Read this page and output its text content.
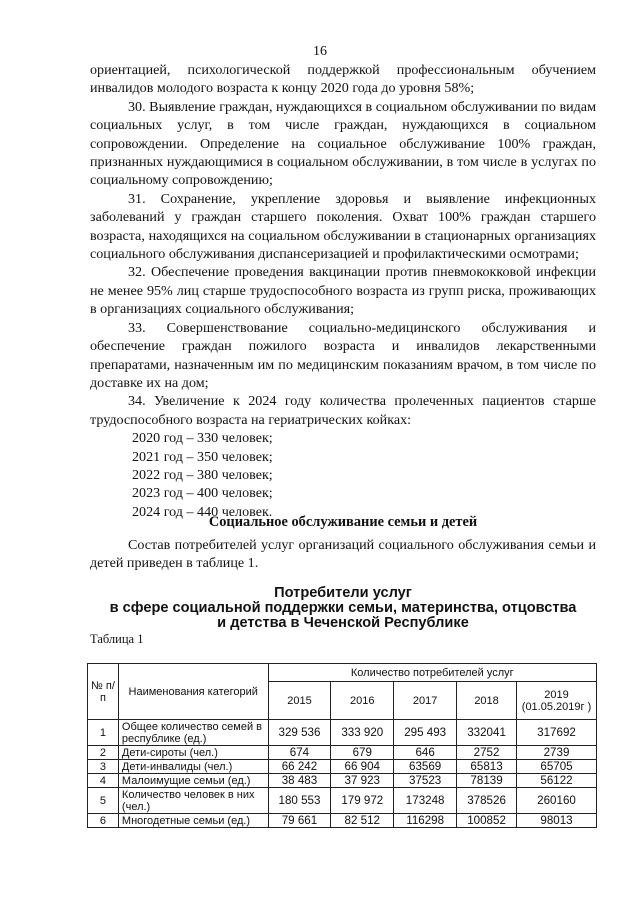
16

ориентацией, психологической поддержкой профессиональным обучением инвалидов молодого возраста к концу 2020 года до уровня 58%;

30. Выявление граждан, нуждающихся в социальном обслуживании по видам социальных услуг, в том числе граждан, нуждающихся в социальном сопровождении. Определение на социальное обслуживание 100% граждан, признанных нуждающимися в социальном обслуживании, в том числе в услугах по социальному сопровождению;

31. Сохранение, укрепление здоровья и выявление инфекционных заболеваний у граждан старшего поколения. Охват 100% граждан старшего возраста, находящихся на социальном обслуживании в стационарных организациях социального обслуживания диспансеризацией и профилактическими осмотрами;

32. Обеспечение проведения вакцинации против пневмококковой инфекции не менее 95% лиц старше трудоспособного возраста из групп риска, проживающих в организациях социального обслуживания;

33. Совершенствование социально-медицинского обслуживания и обеспечение граждан пожилого возраста и инвалидов лекарственными препаратами, назначенным им по медицинским показаниям врачом, в том числе по доставке их на дом;

34. Увеличение к 2024 году количества пролеченных пациентов старше трудоспособного возраста на гериатрических койках:

2020 год – 330 человек;
2021 год – 350 человек;
2022 год – 380 человек;
2023 год – 400 человек;
2024 год – 440 человек.
Социальное обслуживание семьи и детей

Состав потребителей услуг организаций социального обслуживания семьи и детей приведен в таблице 1.

Потребители услуг
в сфере социальной поддержки семьи, материнства, отцовства
и детства в Чеченской Республике
Таблица 1
№ п/п	Наименования категорий	Количество потребителей услуг				
		2015	2016	2017	2018	2019 (01.05.2019г )
1	Общее количество семей в республике (ед.)	329 536	333 920	295 493	332041	317692
2	Дети-сироты (чел.)	674	679	646	2752	2739
3	Дети-инвалиды (чел.)	66 242	66 904	63569	65813	65705
4	Малоимущие семьи (ед.)	38 483	37 923	37523	78139	56122
5	Количество человек в них (чел.)	180 553	179 972	173248	378526	260160
6	Многодетные семьи (ед.)	79 661	82 512	116298	100852	98013
